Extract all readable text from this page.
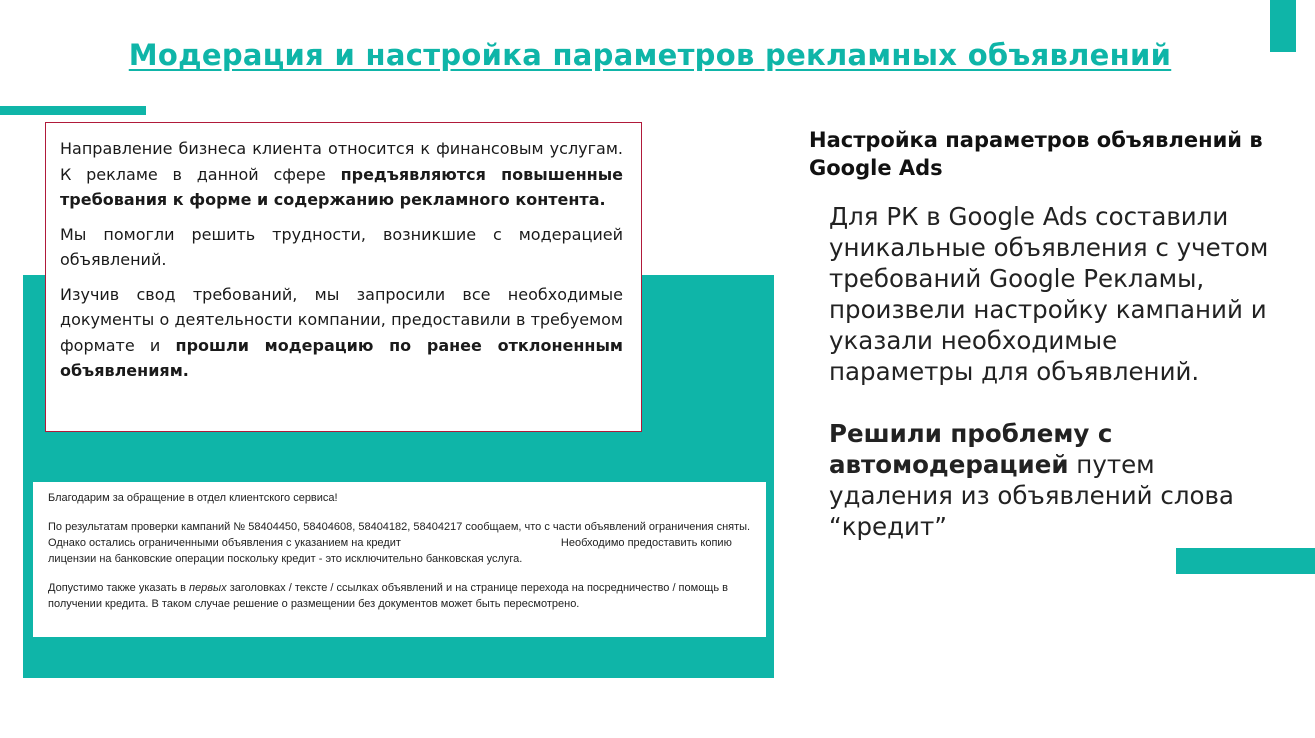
Модерация и настройка параметров рекламных объявлений

Направление бизнеса клиента относится к финансовым услугам. К рекламе в данной сфере предъявляются повышенные требования к форме и содержанию рекламного контента.

Мы помогли решить трудности, возникшие с модерацией объявлений.

Изучив свод требований, мы запросили все необходимые документы о деятельности компании, предоставили в требуемом формате и прошли модерацию по ранее отклоненным объявлениям.

Благодарим за обращение в отдел клиентского сервиса!

По результатам проверки кампаний № 58404450, 58404608, 58404182, 58404217 сообщаем, что с части объявлений ограничения сняты. Однако остались ограниченными объявления с указанием на кредит	Необходимо предоставить копию лицензии на банковские операции поскольку кредит - это исключительно банковская услуга.

Допустимо также указать в первых заголовках / тексте / ссылках объявлений и на странице перехода на посредничество / помощь в получении кредита. В таком случае решение о размещении без документов может быть пересмотрено.

Настройка параметров объявлений в Google Ads

Для РК в Google Ads составили уникальные объявления с учетом требований Google Рекламы, произвели настройку кампаний и указали необходимые параметры для объявлений.

Решили проблему с автомодерацией путем удаления из объявлений слова “кредит”
